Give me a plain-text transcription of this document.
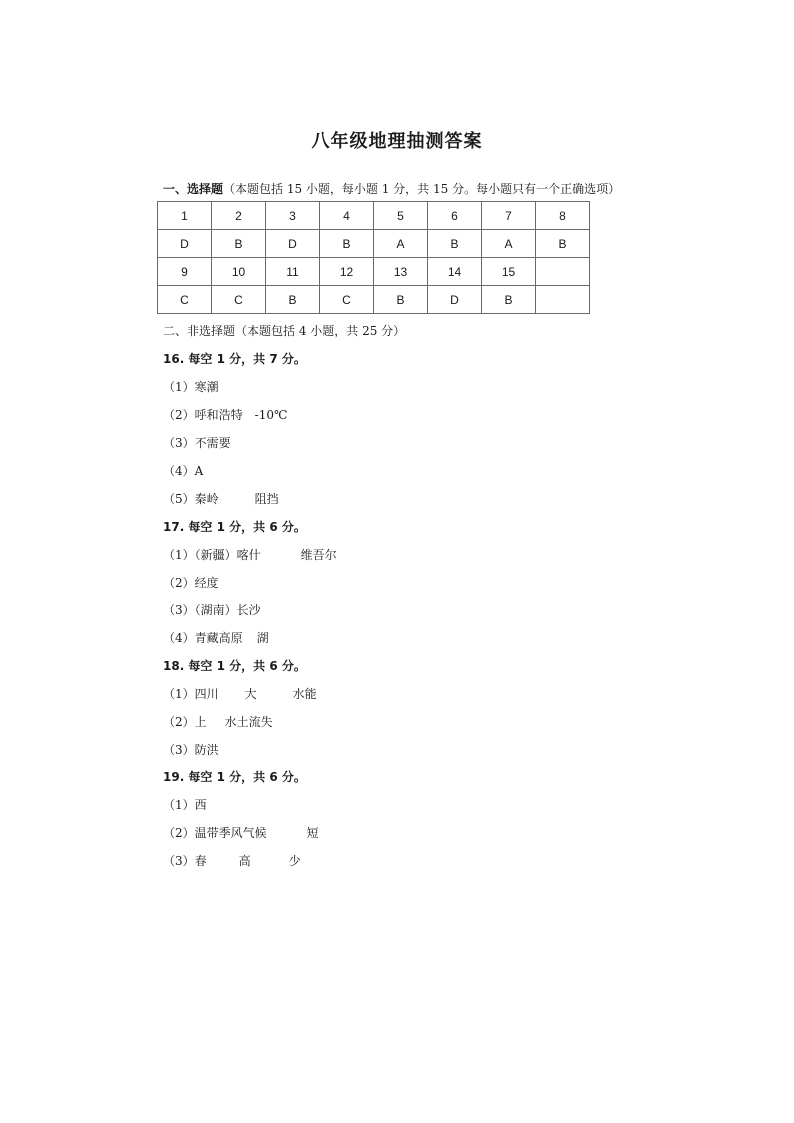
八年级地理抽测答案
一、选择题（本题包括 15 小题，每小题 1 分，共 15 分。每小题只有一个正确选项）
1	2	3	4	5	6	7	8
D	B	D	B	A	B	A	B
9	10	11	12	13	14	15	
C	C	B	C	B	D	B	
二、非选择题（本题包括 4 小题，共 25 分）
16. 每空 1 分，共 7 分。
（1）寒潮
（2）呼和浩特 -10℃
（3）不需要
（4）A
（5）秦岭	阻挡
17. 每空 1 分，共 6 分。
（1）（新疆）喀什	维吾尔
（2）经度
（3）（湖南）长沙
（4）青藏高原 湖
18. 每空 1 分，共 6 分。
（1）四川 大	水能
（2）上 水土流失
（3）防洪
19. 每空 1 分，共 6 分。
（1）西
（2）温带季风气候	短
（3）春	高	少
